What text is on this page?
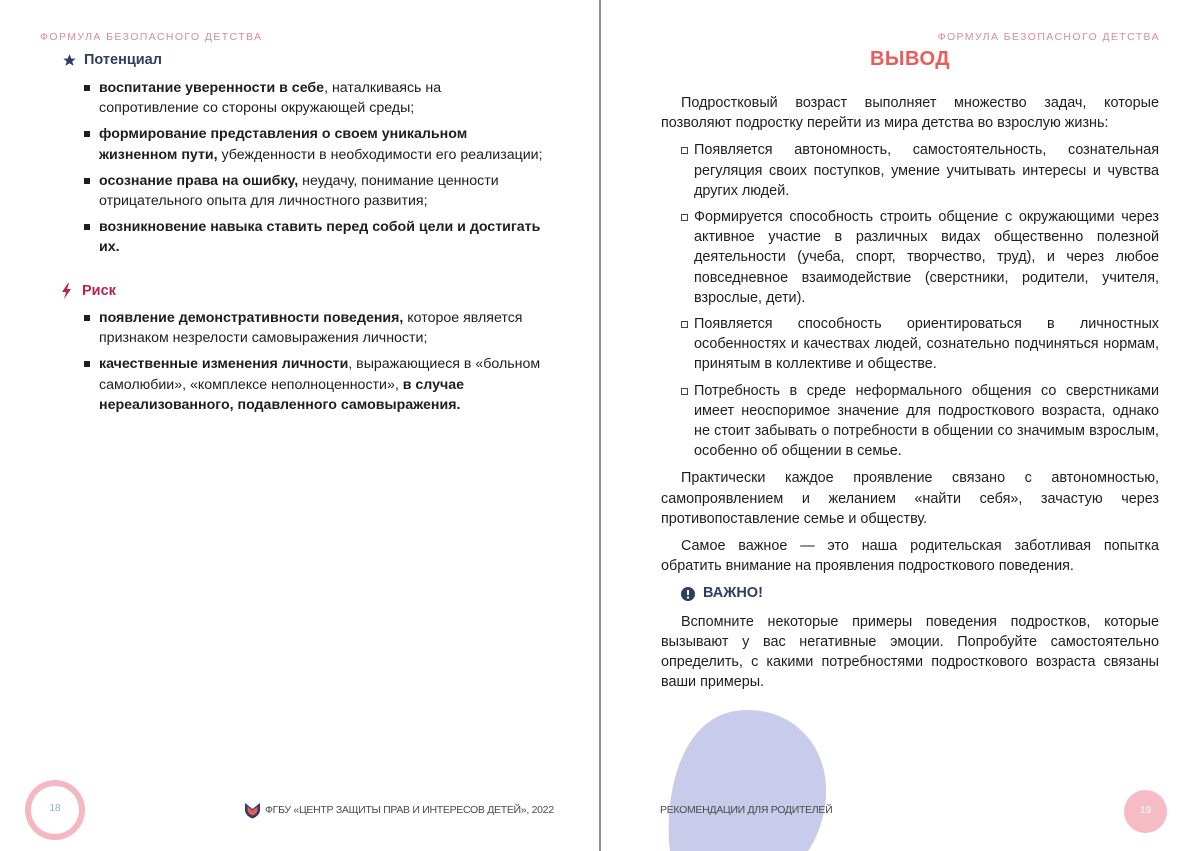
ФОРМУЛА БЕЗОПАСНОГО ДЕТСТВА
Потенциал
воспитание уверенности в себе, наталкиваясь на сопротивление со стороны окружающей среды;
формирование представления о своем уникальном жизненном пути, убежденности в необходимости его реализации;
осознание права на ошибку, неудачу, понимание ценности отрицательного опыта для личностного развития;
возникновение навыка ставить перед собой цели и достигать их.
Риск
появление демонстративности поведения, которое является признаком незрелости самовыражения личности;
качественные изменения личности, выражающиеся в «больном самолюбии», «комплексе неполноценности», в случае нереализованного, подавленного самовыражения.
18	ФГБУ «ЦЕНТР ЗАЩИТЫ ПРАВ И ИНТЕРЕСОВ ДЕТЕЙ», 2022
ФОРМУЛА БЕЗОПАСНОГО ДЕТСТВА
ВЫВОД

Подростковый возраст выполняет множество задач, которые позволяют подростку перейти из мира детства во взрослую жизнь:

Появляется автономность, самостоятельность, сознательная регуляция своих поступков, умение учитывать интересы и чувства других людей.
Формируется способность строить общение с окружающими через активное участие в различных видах общественно полезной деятельности (учеба, спорт, творчество, труд), и через любое повседневное взаимодействие (сверстники, родители, учителя, взрослые, дети).
Появляется способность ориентироваться в личностных особенностях и качествах людей, сознательно подчиняться нормам, принятым в коллективе и обществе.
Потребность в среде неформального общения со сверстниками имеет неоспоримое значение для подросткового возраста, однако не стоит забывать о потребности в общении со значимым взрослым, особенно об общении в семье.

Практически каждое проявление связано с автономностью, самопроявлением и желанием «найти себя», зачастую через противопоставление семье и обществу.

Самое важное — это наша родительская заботливая попытка обратить внимание на проявления подросткового поведения.

ВАЖНО!

Вспомните некоторые примеры поведения подростков, которые вызывают у вас негативные эмоции. Попробуйте самостоятельно определить, с какими потребностями подросткового возраста связаны ваши примеры.

РЕКОМЕНДАЦИИ ДЛЯ РОДИТЕЛЕЙ	19
